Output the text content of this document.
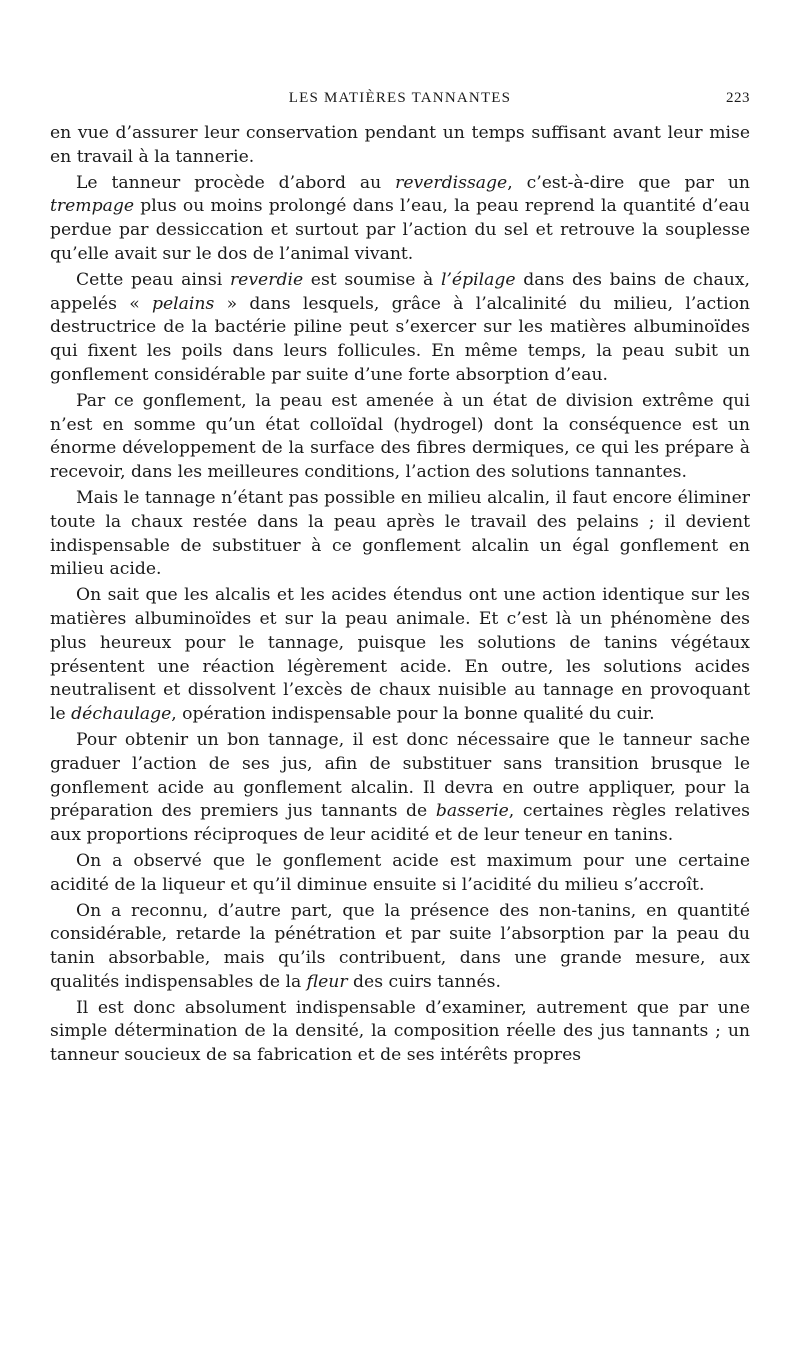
LES MATIÈRES TANNANTES	223

en vue d’assurer leur conservation pendant un temps suffisant avant leur mise en travail à la tannerie.

Le tanneur procède d’abord au reverdissage, c’est-à-dire que par un trempage plus ou moins prolongé dans l’eau, la peau reprend la quantité d’eau perdue par dessiccation et surtout par l’action du sel et retrouve la souplesse qu’elle avait sur le dos de l’animal vivant.

Cette peau ainsi reverdie est soumise à l’épilage dans des bains de chaux, appelés « pelains » dans lesquels, grâce à l’alcalinité du milieu, l’action destructrice de la bactérie piline peut s’exercer sur les matières albuminoïdes qui fixent les poils dans leurs follicules. En même temps, la peau subit un gonflement considérable par suite d’une forte absorption d’eau.

Par ce gonflement, la peau est amenée à un état de division extrême qui n’est en somme qu’un état colloïdal (hydrogel) dont la conséquence est un énorme développement de la surface des fibres dermiques, ce qui les prépare à recevoir, dans les meilleures conditions, l’action des solutions tannantes.

Mais le tannage n’étant pas possible en milieu alcalin, il faut encore éliminer toute la chaux restée dans la peau après le travail des pelains ; il devient indispensable de substituer à ce gonflement alcalin un égal gonflement en milieu acide.

On sait que les alcalis et les acides étendus ont une action identique sur les matières albuminoïdes et sur la peau animale. Et c’est là un phénomène des plus heureux pour le tannage, puisque les solutions de tanins végétaux présentent une réaction légèrement acide. En outre, les solutions acides neutralisent et dissolvent l’excès de chaux nuisible au tannage en provoquant le déchaulage, opération indispensable pour la bonne qualité du cuir.

Pour obtenir un bon tannage, il est donc nécessaire que le tanneur sache graduer l’action de ses jus, afin de substituer sans transition brusque le gonflement acide au gonflement alcalin. Il devra en outre appliquer, pour la préparation des premiers jus tannants de basserie, certaines règles relatives aux proportions réciproques de leur acidité et de leur teneur en tanins.

On a observé que le gonflement acide est maximum pour une certaine acidité de la liqueur et qu’il diminue ensuite si l’acidité du milieu s’accroît.

On a reconnu, d’autre part, que la présence des non-tanins, en quantité considérable, retarde la pénétration et par suite l’absorption par la peau du tanin absorbable, mais qu’ils contribuent, dans une grande mesure, aux qualités indispensables de la fleur des cuirs tannés.

Il est donc absolument indispensable d’examiner, autrement que par une simple détermination de la densité, la composition réelle des jus tannants ; un tanneur soucieux de sa fabrication et de ses intérêts propres
